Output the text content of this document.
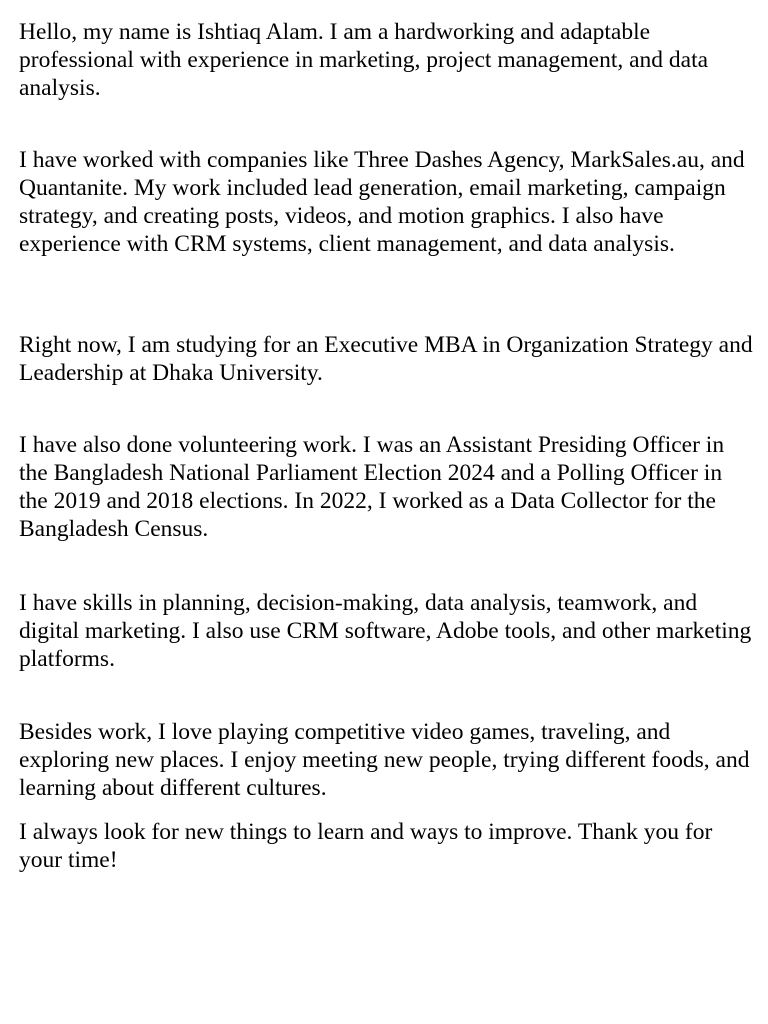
Hello, my name is Ishtiaq Alam. I am a hardworking and adaptable professional with experience in marketing, project management, and data analysis.

I have worked with companies like Three Dashes Agency, MarkSales.au, and Quantanite. My work included lead generation, email marketing, campaign strategy, and creating posts, videos, and motion graphics. I also have experience with CRM systems, client management, and data analysis.

Right now, I am studying for an Executive MBA in Organization Strategy and Leadership at Dhaka University.

I have also done volunteering work. I was an Assistant Presiding Officer in the Bangladesh National Parliament Election 2024 and a Polling Officer in the 2019 and 2018 elections. In 2022, I worked as a Data Collector for the Bangladesh Census.

I have skills in planning, decision-making, data analysis, teamwork, and digital marketing. I also use CRM software, Adobe tools, and other marketing platforms.

Besides work, I love playing competitive video games, traveling, and exploring new places. I enjoy meeting new people, trying different foods, and learning about different cultures.

I always look for new things to learn and ways to improve. Thank you for your time!
